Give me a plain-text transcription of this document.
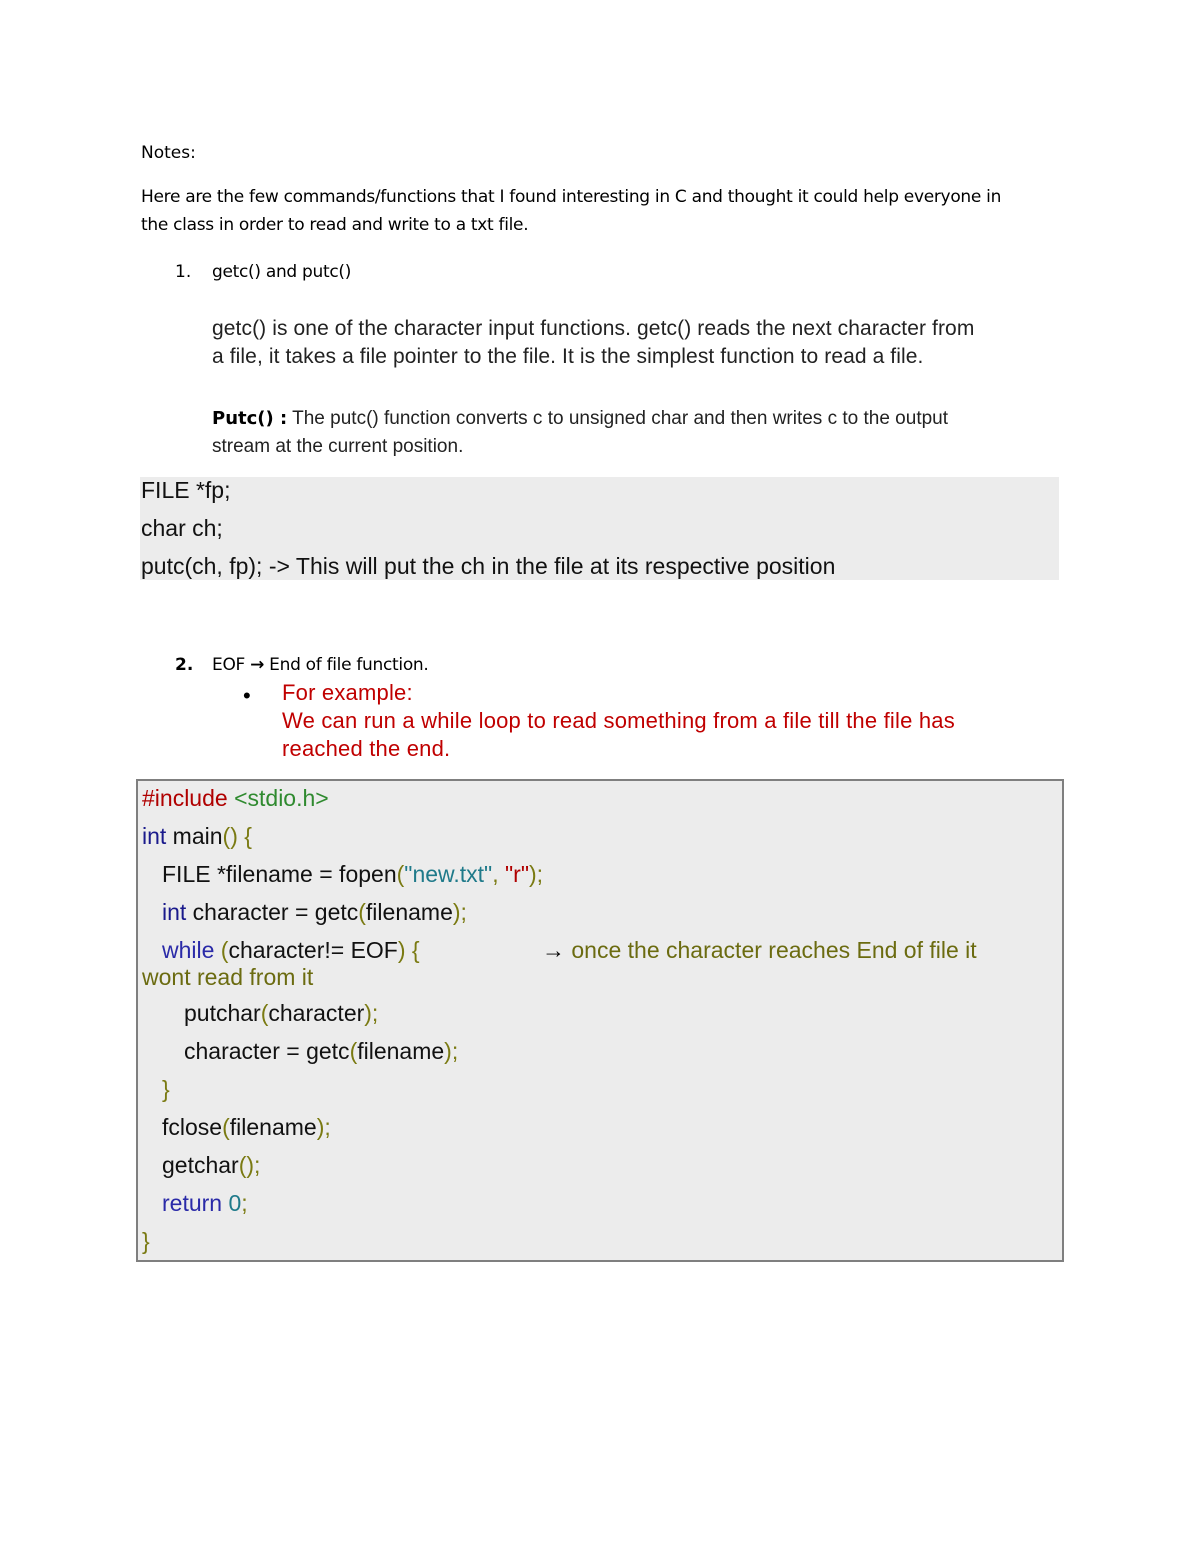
Notes:
Here are the few commands/functions that I found interesting in C and thought it could help everyone in
the class in order to read and write to a txt file.
1. getc() and putc()
getc() is one of the character input functions. getc() reads the next character from
a file, it takes a file pointer to the file. It is the simplest function to read a file.
Putc() : The putc() function converts c to unsigned char and then writes c to the output
stream at the current position.
FILE *fp;
char ch;
putc(ch, fp); -> This will put the ch in the file at its respective position
2. EOF → End of file function.
• For example:
We can run a while loop to read something from a file till the file has
reached the end.
#include <stdio.h>
int main() {
FILE *filename = fopen("new.txt", "r");
int character = getc(filename);
while (character!= EOF) {	→ once the character reaches End of file it
wont read from it
putchar(character);
character = getc(filename);
}
fclose(filename);
getchar();
return 0;
}
